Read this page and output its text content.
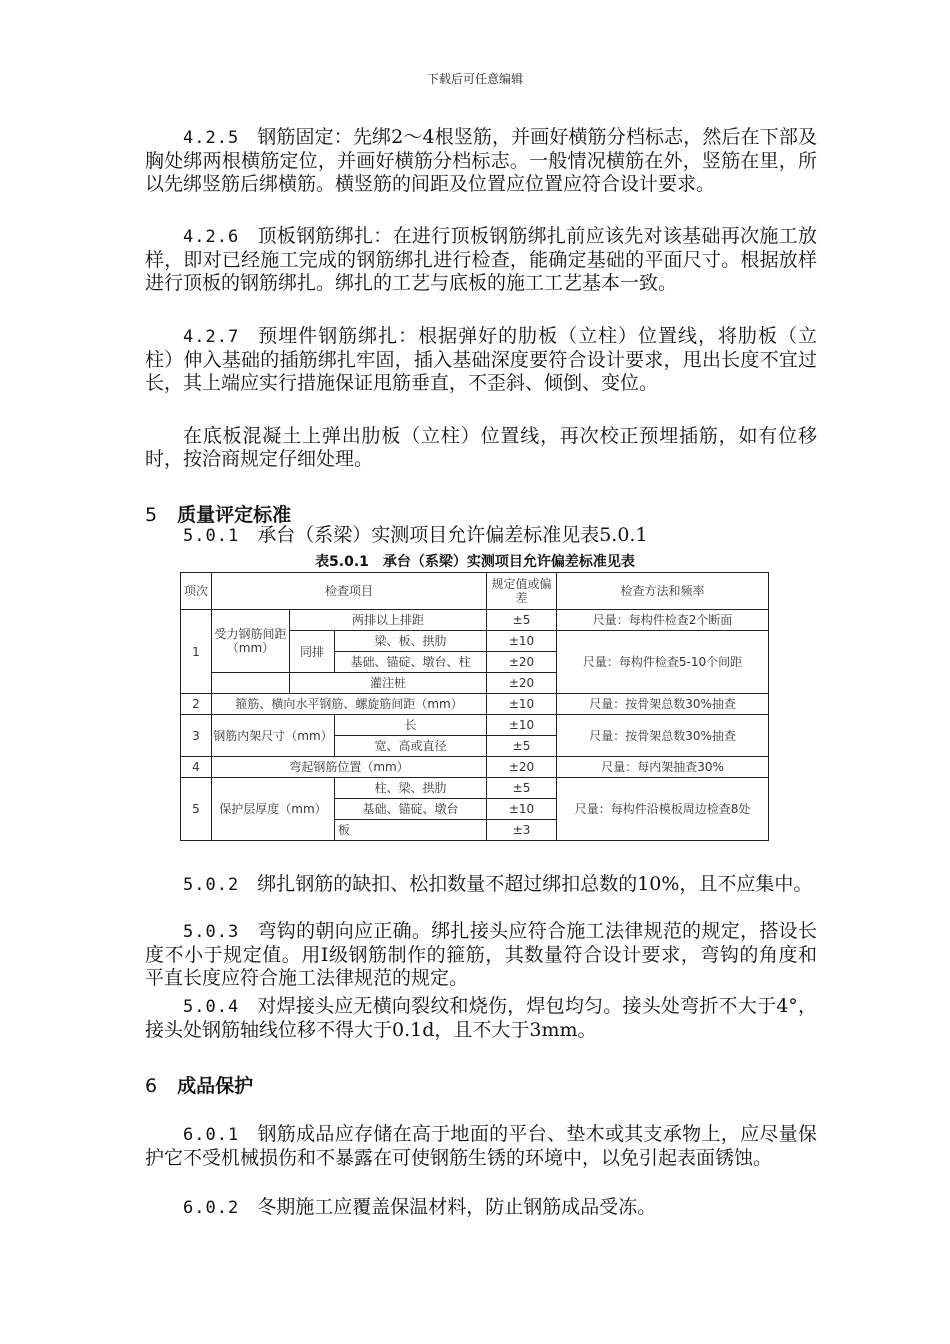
下载后可任意编辑

4.2.5 钢筋固定：先绑2～4根竖筋，并画好横筋分档标志，然后在下部及胸处绑两根横筋定位，并画好横筋分档标志。一般情况横筋在外，竖筋在里，所以先绑竖筋后绑横筋。横竖筋的间距及位置应位置应符合设计要求。

4.2.6 顶板钢筋绑扎：在进行顶板钢筋绑扎前应该先对该基础再次施工放样，即对已经施工完成的钢筋绑扎进行检查，能确定基础的平面尺寸。根据放样进行顶板的钢筋绑扎。绑扎的工艺与底板的施工工艺基本一致。

4.2.7 预埋件钢筋绑扎：根据弹好的肋板（立柱）位置线，将肋板（立柱）伸入基础的插筋绑扎牢固，插入基础深度要符合设计要求，甩出长度不宜过长，其上端应实行措施保证甩筋垂直，不歪斜、倾倒、变位。

在底板混凝土上弹出肋板（立柱）位置线，再次校正预埋插筋，如有位移时，按洽商规定仔细处理。

5 质量评定标准

5.0.1 承台（系梁）实测项目允许偏差标准见表5.0.1

表5.0.1　承台（系梁）实测项目允许偏差标准见表
项次	检查项目			规定值或偏差	检查方法和频率
1	受力钢筋间距（mm）	两排以上排距		±5	尺量：每构件检查2个断面
		同排	梁、板、拱肋	±10	尺量：每构件检查5-10个间距
			基础、锚碇、墩台、柱	±20	
		灌注桩		±20	
2	箍筋、横向水平钢筋、螺旋筋间距（mm）			±10	尺量：按骨架总数30%抽查
3	钢筋内架尺寸（mm）		长	±10	尺量：按骨架总数30%抽查
			宽、高或直径	±5	
4	弯起钢筋位置（mm）			±20	尺量：每内架抽查30%
5	保护层厚度（mm）		柱、梁、拱肋	±5	尺量：每构件沿模板周边检查8处
			基础、锚碇、墩台	±10	
			板	±3	

5.0.2 绑扎钢筋的缺扣、松扣数量不超过绑扣总数的10%，且不应集中。

5.0.3 弯钩的朝向应正确。绑扎接头应符合施工法律规范的规定，搭设长度不小于规定值。用Ⅰ级钢筋制作的箍筋，其数量符合设计要求，弯钩的角度和平直长度应符合施工法律规范的规定。

5.0.4 对焊接头应无横向裂纹和烧伤，焊包均匀。接头处弯折不大于4°，接头处钢筋轴线位移不得大于0.1d，且不大于3mm。

6 成品保护

6.0.1 钢筋成品应存储在高于地面的平台、垫木或其支承物上，应尽量保护它不受机械损伤和不暴露在可使钢筋生锈的环境中，以免引起表面锈蚀。

6.0.2 冬期施工应覆盖保温材料，防止钢筋成品受冻。
